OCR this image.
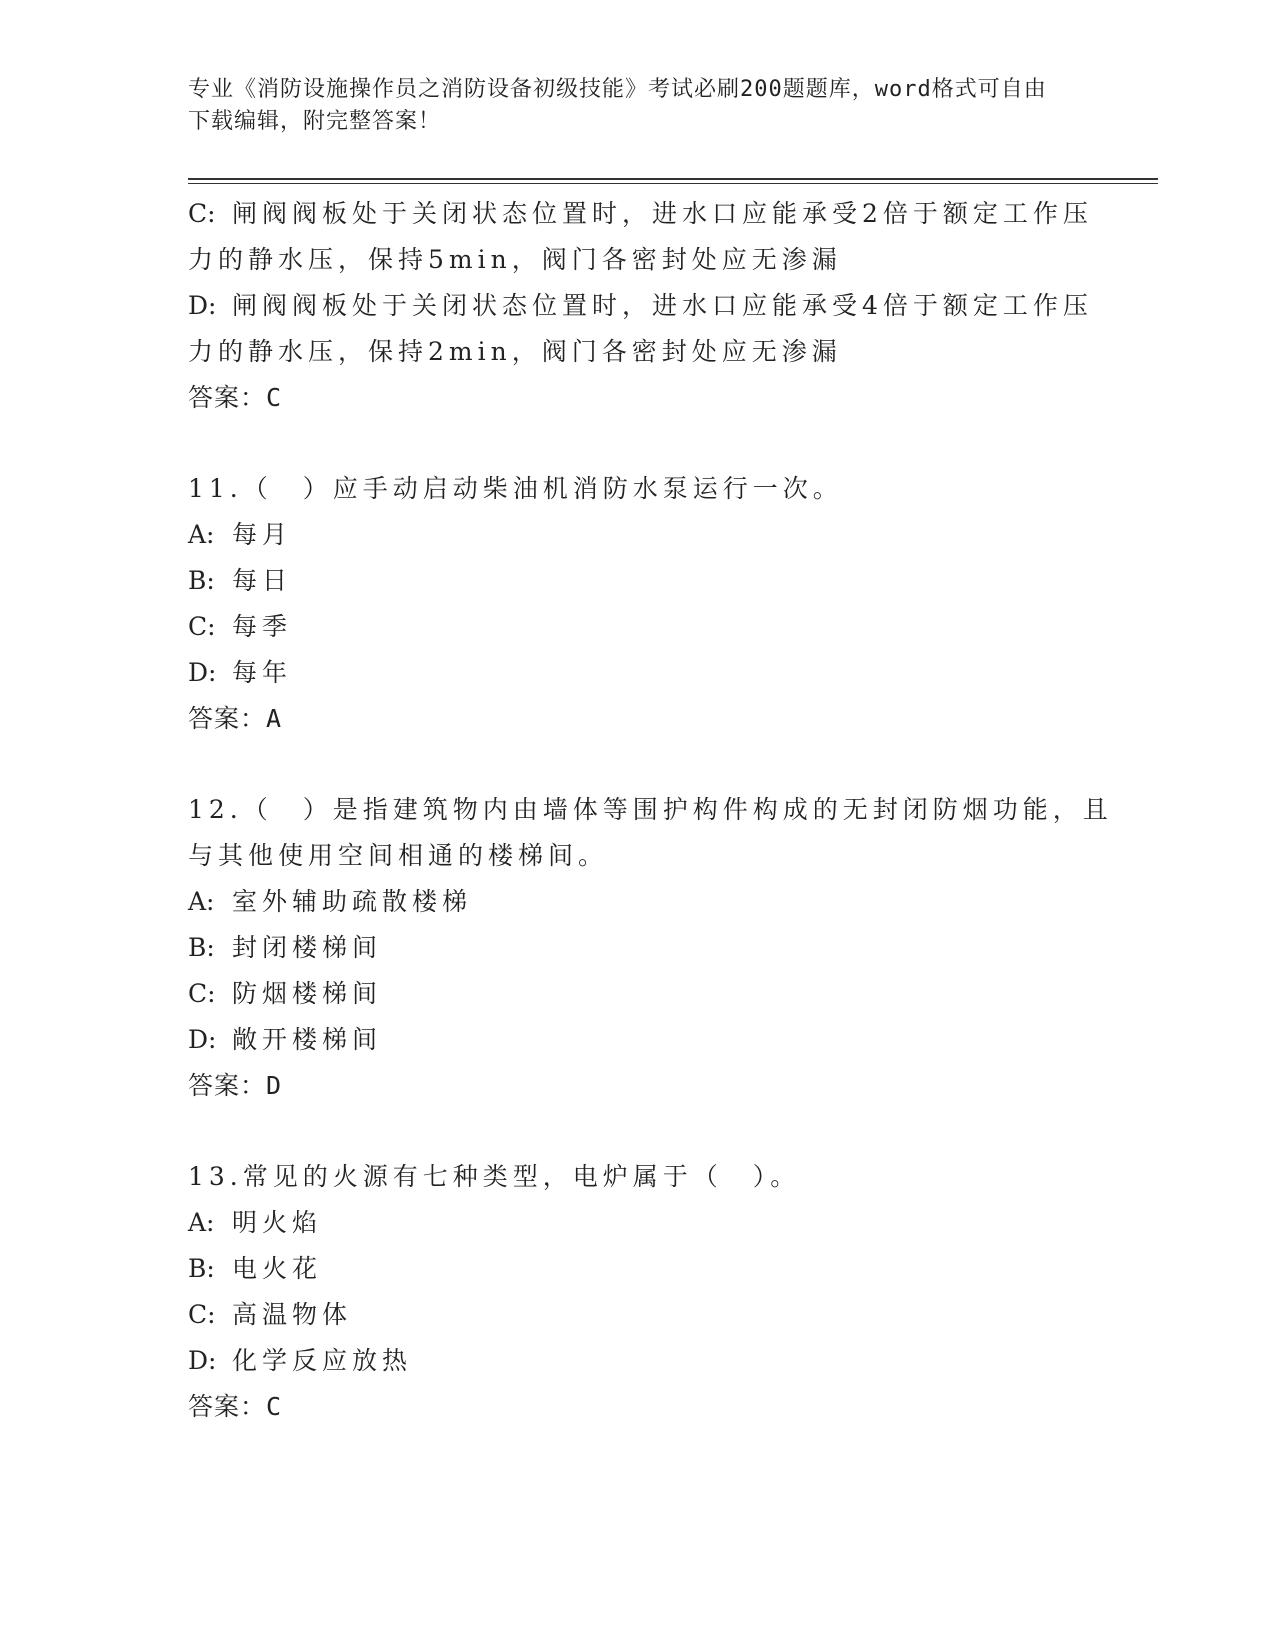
专业《消防设施操作员之消防设备初级技能》考试必刷200题题库，word格式可自由下载编辑，附完整答案！
C: 闸阀阀板处于关闭状态位置时，进水口应能承受2倍于额定工作压
力的静水压，保持5min，阀门各密封处应无渗漏
D: 闸阀阀板处于关闭状态位置时，进水口应能承受4倍于额定工作压
力的静水压，保持2min，阀门各密封处应无渗漏
答案：C
11.（　）应手动启动柴油机消防水泵运行一次。
A: 每月
B: 每日
C: 每季
D: 每年
答案：A
12.（　）是指建筑物内由墙体等围护构件构成的无封闭防烟功能，且
与其他使用空间相通的楼梯间。
A: 室外辅助疏散楼梯
B: 封闭楼梯间
C: 防烟楼梯间
D: 敞开楼梯间
答案：D
13.常见的火源有七种类型，电炉属于（　）。
A: 明火焰
B: 电火花
C: 高温物体
D: 化学反应放热
答案：C
